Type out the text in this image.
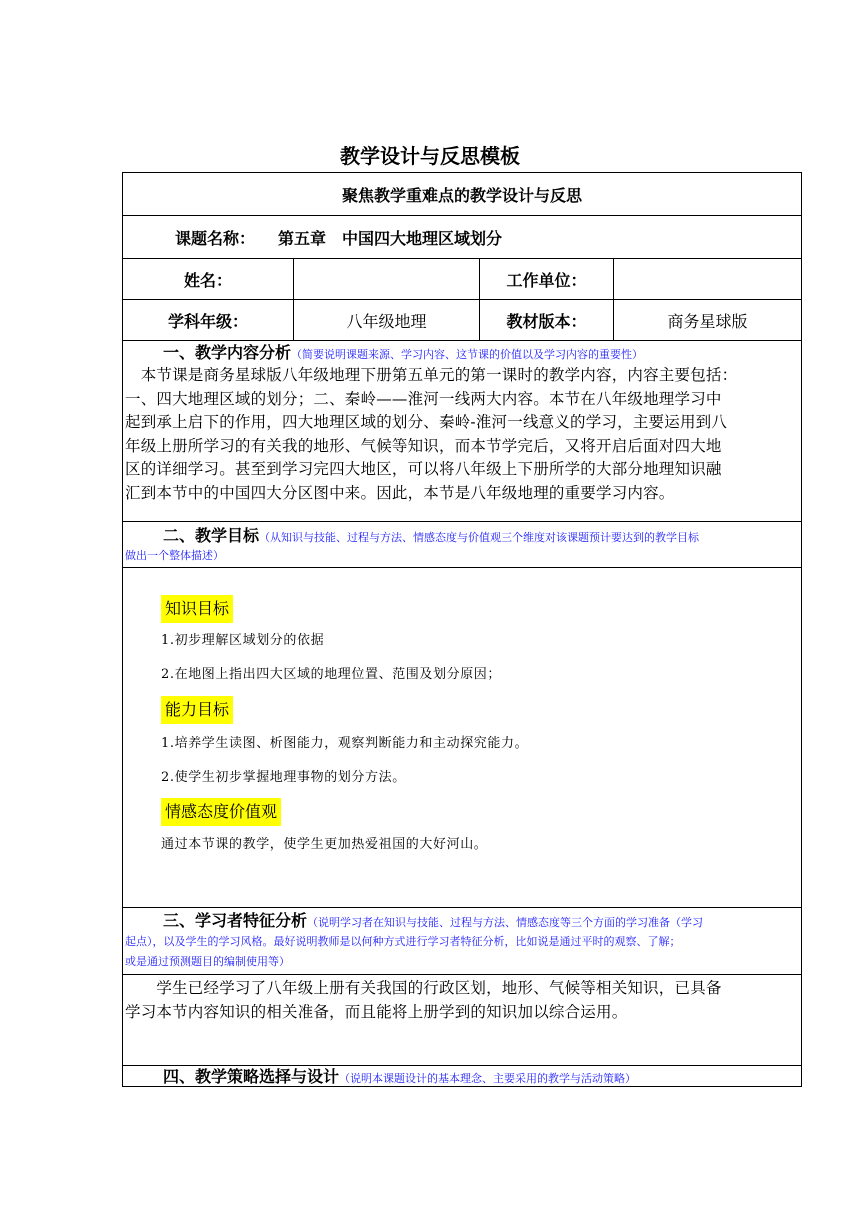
教学设计与反思模板
聚焦教学重难点的教学设计与反思
课题名称： 第五章　中国四大地理区域划分
姓名：	工作单位：
学科年级：	八年级地理	教材版本：	商务星球版
一、教学内容分析（简要说明课题来源、学习内容、这节课的价值以及学习内容的重要性）
　本节课是商务星球版八年级地理下册第五单元的第一课时的教学内容，内容主要包括：
一、四大地理区域的划分；二、秦岭——淮河一线两大内容。本节在八年级地理学习中
起到承上启下的作用，四大地理区域的划分、秦岭-淮河一线意义的学习，主要运用到八
年级上册所学习的有关我的地形、气候等知识，而本节学完后，又将开启后面对四大地
区的详细学习。甚至到学习完四大地区，可以将八年级上下册所学的大部分地理知识融
汇到本节中的中国四大分区图中来。因此，本节是八年级地理的重要学习内容。
二、教学目标（从知识与技能、过程与方法、情感态度与价值观三个维度对该课题预计要达到的教学目标
做出一个整体描述）
知识目标
1.初步理解区域划分的依据
2.在地图上指出四大区域的地理位置、范围及划分原因；
能力目标
1.培养学生读图、析图能力，观察判断能力和主动探究能力。
2.使学生初步掌握地理事物的划分方法。
情感态度价值观
通过本节课的教学，使学生更加热爱祖国的大好河山。
三、学习者特征分析（说明学习者在知识与技能、过程与方法、情感态度等三个方面的学习准备（学习
起点），以及学生的学习风格。最好说明教师是以何种方式进行学习者特征分析，比如说是通过平时的观察、了解；
或是通过预测题目的编制使用等）
　　学生已经学习了八年级上册有关我国的行政区划，地形、气候等相关知识，已具备
学习本节内容知识的相关准备，而且能将上册学到的知识加以综合运用。
四、教学策略选择与设计（说明本课题设计的基本理念、主要采用的教学与活动策略）
